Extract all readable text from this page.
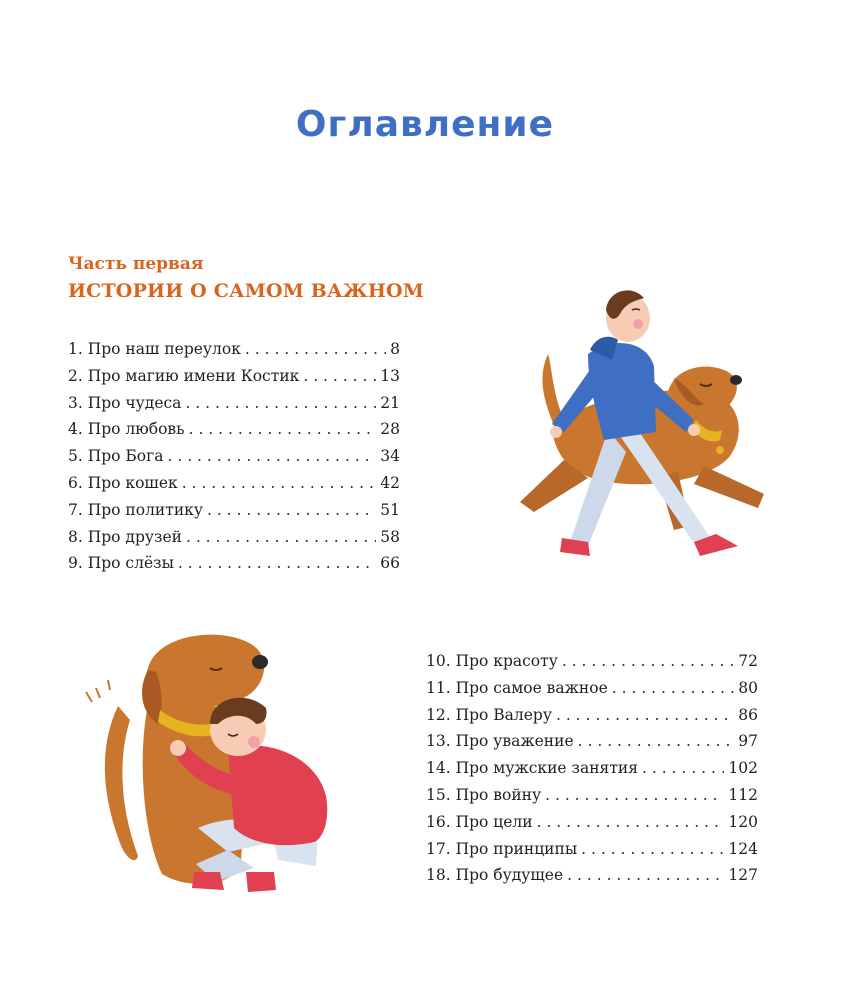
Оглавление
Часть первая
ИСТОРИИ О САМОМ ВАЖНОМ
1. Про наш переулок . . .	8
2. Про магию имени Костик . . .	13
3. Про чудеса . . .	21
4. Про любовь . . .	28
5. Про Бога . . .	34
6. Про кошек . . .	42
7. Про политику . . .	51
8. Про друзей . . .	58
9. Про слёзы . . .	66
10. Про красоту . . .	72
11. Про самое важное . . .	80
12. Про Валеру . . .	86
13. Про уважение . . .	97
14. Про мужские занятия . . .	102
15. Про войну . . .	112
16. Про цели . . .	120
17. Про принципы . . .	124
18. Про будущее . . .	127
